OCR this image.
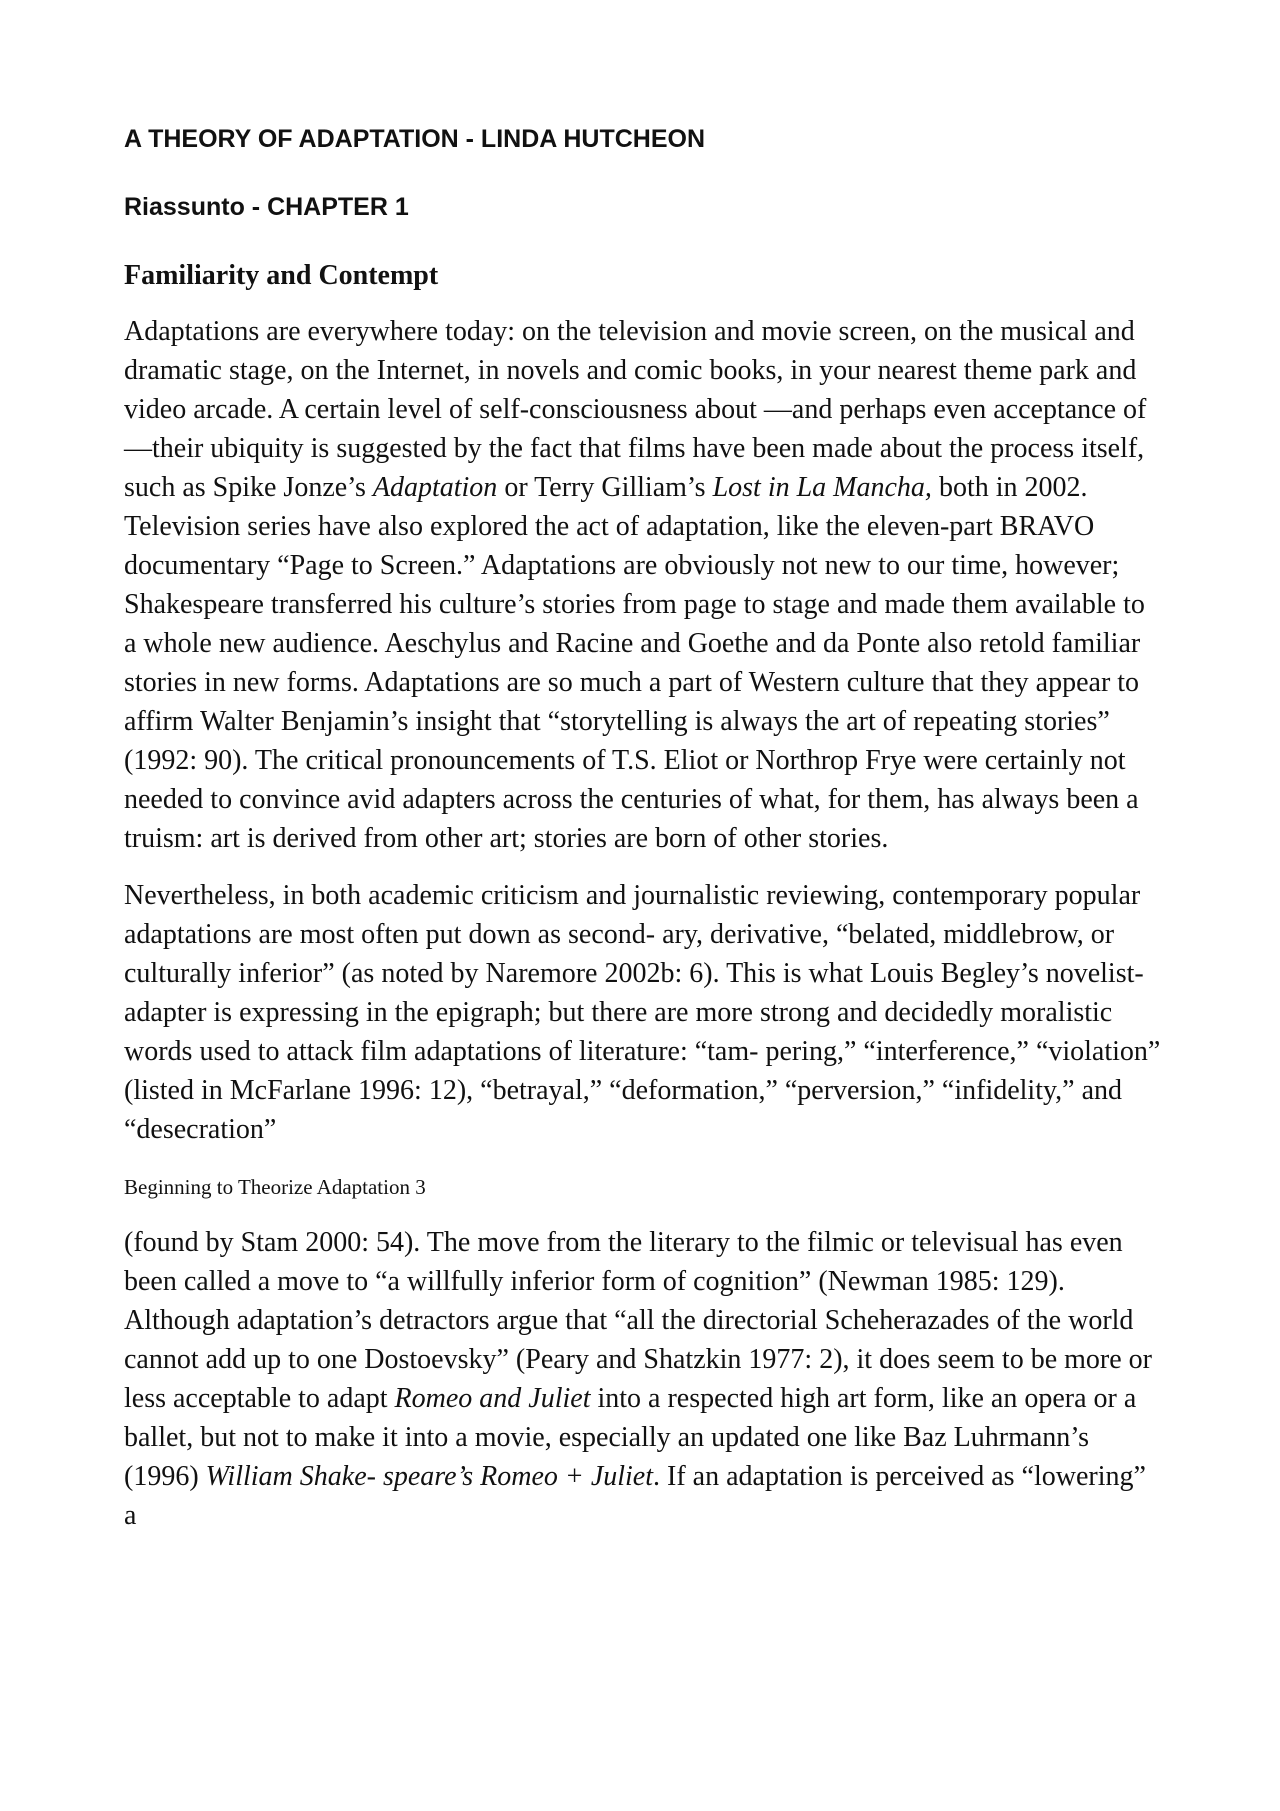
A THEORY OF ADAPTATION - LINDA HUTCHEON
Riassunto - CHAPTER 1
Familiarity and Contempt

Adaptations are everywhere today: on the television and movie screen, on the musical and dramatic stage, on the Internet, in novels and comic books, in your nearest theme park and video arcade. A certain level of self-consciousness about —and perhaps even acceptance of—their ubiquity is suggested by the fact that films have been made about the process itself, such as Spike Jonze’s Adaptation or Terry Gilliam’s Lost in La Mancha, both in 2002. Television series have also explored the act of adaptation, like the eleven-part BRAVO documentary “Page to Screen.” Adaptations are obviously not new to our time, however; Shakespeare transferred his culture’s stories from page to stage and made them available to a whole new audience. Aeschylus and Racine and Goethe and da Ponte also retold familiar stories in new forms. Adaptations are so much a part of Western culture that they appear to affirm Walter Benjamin’s insight that “storytelling is always the art of repeating stories” (1992: 90). The critical pronouncements of T.S. Eliot or Northrop Frye were certainly not needed to convince avid adapters across the centuries of what, for them, has always been a truism: art is derived from other art; stories are born of other stories.

Nevertheless, in both academic criticism and journalistic reviewing, contemporary popular adaptations are most often put down as second- ary, derivative, “belated, middlebrow, or culturally inferior” (as noted by Naremore 2002b: 6). This is what Louis Begley’s novelist-adapter is expressing in the epigraph; but there are more strong and decidedly moralistic words used to attack film adaptations of literature: “tam- pering,” “interference,” “violation” (listed in McFarlane 1996: 12), “betrayal,” “deformation,” “perversion,” “infidelity,” and “desecration”

Beginning to Theorize Adaptation 3

(found by Stam 2000: 54). The move from the literary to the filmic or televisual has even been called a move to “a willfully inferior form of cognition” (Newman 1985: 129). Although adaptation’s detractors argue that “all the directorial Scheherazades of the world cannot add up to one Dostoevsky” (Peary and Shatzkin 1977: 2), it does seem to be more or less acceptable to adapt Romeo and Juliet into a respected high art form, like an opera or a ballet, but not to make it into a movie, especially an updated one like Baz Luhrmann’s (1996) William Shake- speare’s Romeo + Juliet. If an adaptation is perceived as “lowering” a
